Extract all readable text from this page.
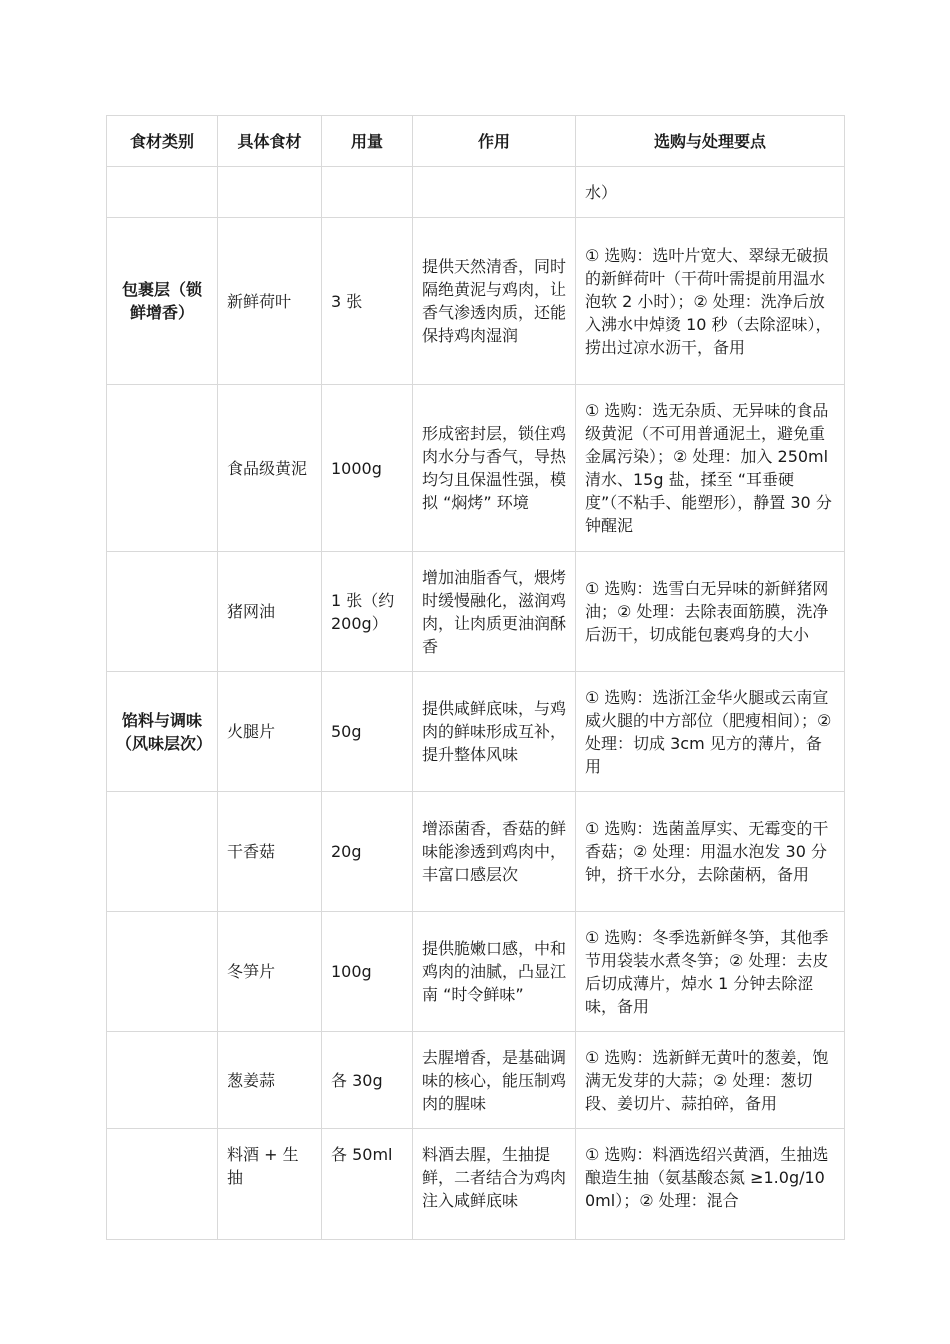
食材类别	具体食材	用量	作用	选购与处理要点
				水）
包裹层（锁鲜增香）	新鲜荷叶	3 张	提供天然清香，同时隔绝黄泥与鸡肉，让香气渗透肉质，还能保持鸡肉湿润	① 选购：选叶片宽大、翠绿无破损的新鲜荷叶（干荷叶需提前用温水泡软 2 小时）；② 处理：洗净后放入沸水中焯烫 10 秒（去除涩味），捞出过凉水沥干，备用
	食品级黄泥	1000g	形成密封层，锁住鸡肉水分与香气，导热均匀且保温性强，模拟 “焖烤” 环境	① 选购：选无杂质、无异味的食品级黄泥（不可用普通泥土，避免重金属污染）；② 处理：加入 250ml 清水、15g 盐，揉至 “耳垂硬度”（不粘手、能塑形），静置 30 分钟醒泥
	猪网油	1 张（约 200g）	增加油脂香气，煨烤时缓慢融化，滋润鸡肉，让肉质更油润酥香	① 选购：选雪白无异味的新鲜猪网油；② 处理：去除表面筋膜，洗净后沥干，切成能包裹鸡身的大小
馅料与调味（风味层次）	火腿片	50g	提供咸鲜底味，与鸡肉的鲜味形成互补，提升整体风味	① 选购：选浙江金华火腿或云南宣威火腿的中方部位（肥瘦相间）；② 处理：切成 3cm 见方的薄片，备用
	干香菇	20g	增添菌香，香菇的鲜味能渗透到鸡肉中，丰富口感层次	① 选购：选菌盖厚实、无霉变的干香菇；② 处理：用温水泡发 30 分钟，挤干水分，去除菌柄，备用
	冬笋片	100g	提供脆嫩口感，中和鸡肉的油腻，凸显江南 “时令鲜味”	① 选购：冬季选新鲜冬笋，其他季节用袋装水煮冬笋；② 处理：去皮后切成薄片，焯水 1 分钟去除涩味，备用
	葱姜蒜	各 30g	去腥增香，是基础调味的核心，能压制鸡肉的腥味	① 选购：选新鲜无黄叶的葱姜，饱满无发芽的大蒜；② 处理：葱切段、姜切片、蒜拍碎，备用
	料酒 + 生抽	各 50ml	料酒去腥，生抽提鲜，二者结合为鸡肉注入咸鲜底味	① 选购：料酒选绍兴黄酒，生抽选酿造生抽（氨基酸态氮 ≥1.0g/100ml）；② 处理：混合
